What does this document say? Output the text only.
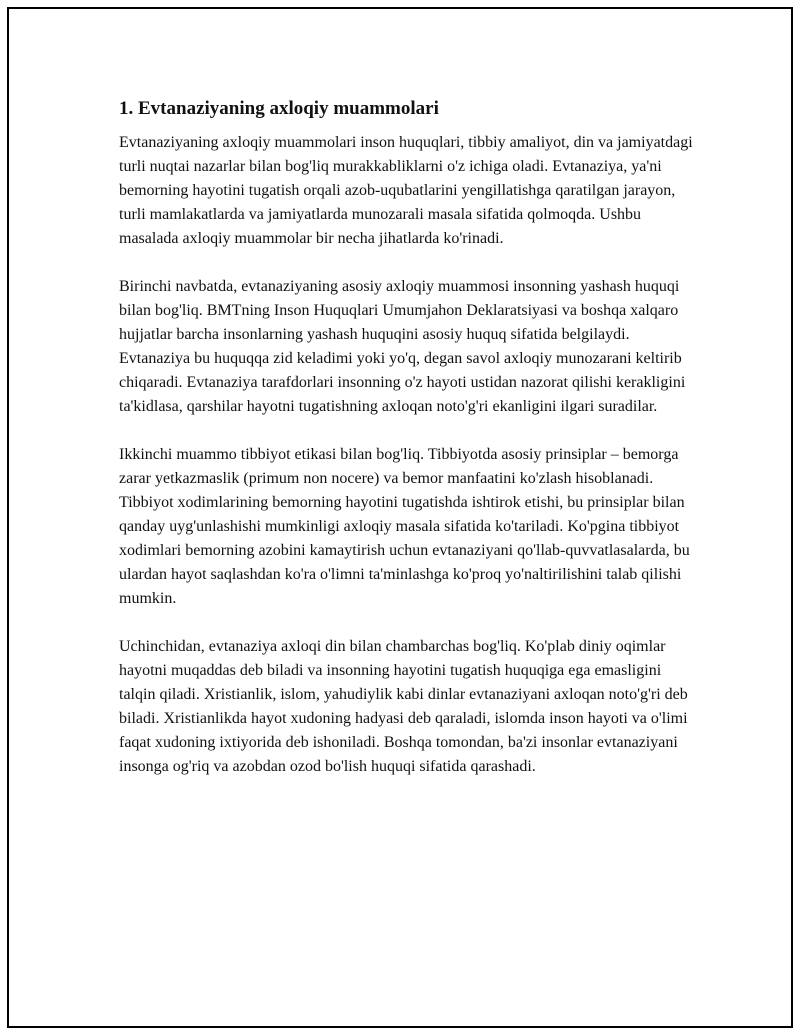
1. Evtanaziyaning axloqiy muammolari

Evtanaziyaning axloqiy muammolari inson huquqlari, tibbiy amaliyot, din va jamiyatdagi turli nuqtai nazarlar bilan bog'liq murakkabliklarni o'z ichiga oladi. Evtanaziya, ya'ni bemorning hayotini tugatish orqali azob-uqubatlarini yengillatishga qaratilgan jarayon, turli mamlakatlarda va jamiyatlarda munozarali masala sifatida qolmoqda. Ushbu masalada axloqiy muammolar bir necha jihatlarda ko'rinadi.

Birinchi navbatda, evtanaziyaning asosiy axloqiy muammosi insonning yashash huquqi bilan bog'liq. BMTning Inson Huquqlari Umumjahon Deklaratsiyasi va boshqa xalqaro hujjatlar barcha insonlarning yashash huquqini asosiy huquq sifatida belgilaydi. Evtanaziya bu huquqqa zid keladimi yoki yo'q, degan savol axloqiy munozarani keltirib chiqaradi. Evtanaziya tarafdorlari insonning o'z hayoti ustidan nazorat qilishi kerakligini ta'kidlasa, qarshilar hayotni tugatishning axloqan noto'g'ri ekanligini ilgari suradilar.

Ikkinchi muammo tibbiyot etikasi bilan bog'liq. Tibbiyotda asosiy prinsiplar – bemorga zarar yetkazmaslik (primum non nocere) va bemor manfaatini ko'zlash hisoblanadi. Tibbiyot xodimlarining bemorning hayotini tugatishda ishtirok etishi, bu prinsiplar bilan qanday uyg'unlashishi mumkinligi axloqiy masala sifatida ko'tariladi. Ko'pgina tibbiyot xodimlari bemorning azobini kamaytirish uchun evtanaziyani qo'llab-quvvatlasalarda, bu ulardan hayot saqlashdan ko'ra o'limni ta'minlashga ko'proq yo'naltirilishini talab qilishi mumkin.

Uchinchidan, evtanaziya axloqi din bilan chambarchas bog'liq. Ko'plab diniy oqimlar hayotni muqaddas deb biladi va insonning hayotini tugatish huquqiga ega emasligini talqin qiladi. Xristianlik, islom, yahudiylik kabi dinlar evtanaziyani axloqan noto'g'ri deb biladi. Xristianlikda hayot xudoning hadyasi deb qaraladi, islomda inson hayoti va o'limi faqat xudoning ixtiyorida deb ishoniladi. Boshqa tomondan, ba'zi insonlar evtanaziyani insonga og'riq va azobdan ozod bo'lish huquqi sifatida qarashadi.
